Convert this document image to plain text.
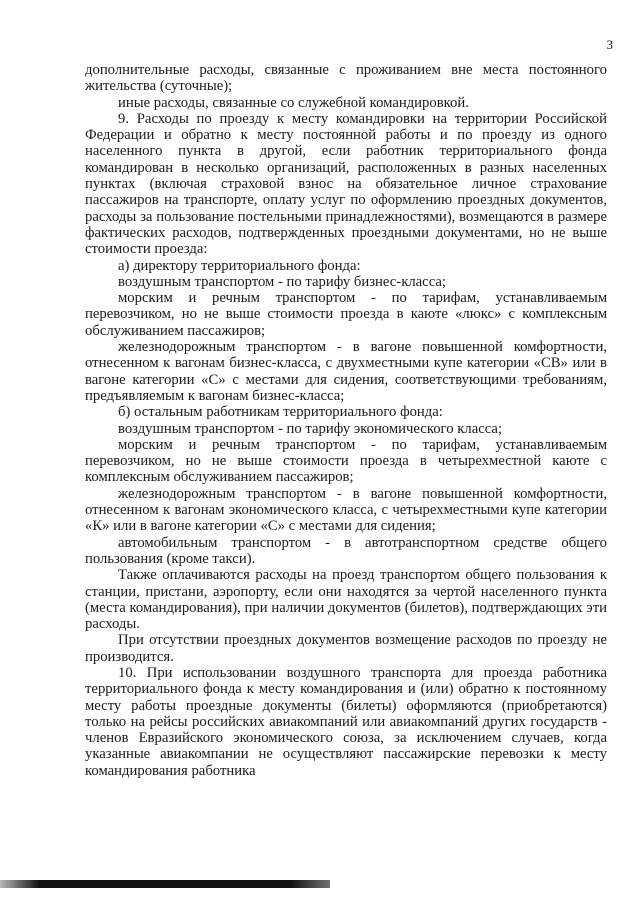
3

дополнительные расходы, связанные с проживанием вне места постоянного жительства (суточные);

иные расходы, связанные со служебной командировкой.

9. Расходы по проезду к месту командировки на территории Российской Федерации и обратно к месту постоянной работы и по проезду из одного населенного пункта в другой, если работник территориального фонда командирован в несколько организаций, расположенных в разных населенных пунктах (включая страховой взнос на обязательное личное страхование пассажиров на транспорте, оплату услуг по оформлению проездных документов, расходы за пользование постельными принадлежностями), возмещаются в размере фактических расходов, подтвержденных проездными документами, но не выше стоимости проезда:

а) директору территориального фонда:

воздушным транспортом - по тарифу бизнес-класса;

морским и речным транспортом - по тарифам, устанавливаемым перевозчиком, но не выше стоимости проезда в каюте «люкс» с комплексным обслуживанием пассажиров;

железнодорожным транспортом - в вагоне повышенной комфортности, отнесенном к вагонам бизнес-класса, с двухместными купе категории «СВ» или в вагоне категории «С» с местами для сидения, соответствующими требованиям, предъявляемым к вагонам бизнес-класса;

б) остальным работникам территориального фонда:

воздушным транспортом - по тарифу экономического класса;

морским и речным транспортом - по тарифам, устанавливаемым перевозчиком, но не выше стоимости проезда в четырехместной каюте с комплексным обслуживанием пассажиров;

железнодорожным транспортом - в вагоне повышенной комфортности, отнесенном к вагонам экономического класса, с четырехместными купе категории «К» или в вагоне категории «С» с местами для сидения;

автомобильным транспортом - в автотранспортном средстве общего пользования (кроме такси).

Также оплачиваются расходы на проезд транспортом общего пользования к станции, пристани, аэропорту, если они находятся за чертой населенного пункта (места командирования), при наличии документов (билетов), подтверждающих эти расходы.

При отсутствии проездных документов возмещение расходов по проезду не производится.

10. При использовании воздушного транспорта для проезда работника территориального фонда к месту командирования и (или) обратно к постоянному месту работы проездные документы (билеты) оформляются (приобретаются) только на рейсы российских авиакомпаний или авиакомпаний других государств - членов Евразийского экономического союза, за исключением случаев, когда указанные авиакомпании не осуществляют пассажирские перевозки к месту командирования работника
